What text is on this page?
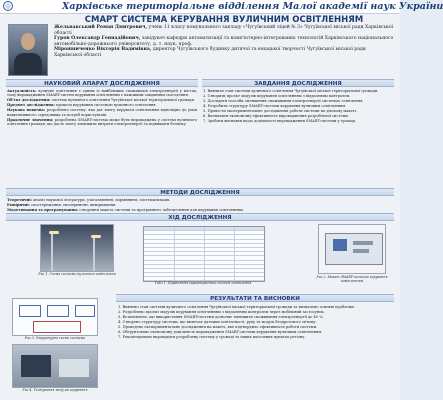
Харківське територіальне відділення Малої академії наук України
СМАРТ СИСТЕМА КЕРУВАННЯ ВУЛИЧНИМ ОСВІТЛЕННЯМ

Жельвакський Роман Дмитрович, учень 11 класу комунального закладу «Чугуївський ліцей № 3» Чугуївської міської ради Харківської області

Гуров Олександр Геннадійович, завідувач кафедри автоматизації та комп'ютерно-інтегрованих технологій Харківського національного автомобільно-дорожнього університету, д. т. наук, проф.

Мірошниченко Вікторія Вадимівна, директор Чугуївського будинку дитячої та юнацької творчості Чугуївської міської ради Харківської області

НАУКОВИЙ АПАРАТ ДОСЛІДЖЕННЯ

Актуальність: вуличне освітлення є одним із найбільших споживачів електроенергії у містах, тому впровадження SMART-систем керування освітленням є важливим завданням сьогодення.

Об'єкт дослідження: система вуличного освітлення Чугуївської міської територіальної громади.

Предмет дослідження: процеси керування системою вуличного освітлення.

Наукова новизна: розроблено систему, яка дає змогу керувати освітленням відповідно до умов навколишнього середовища та потреб користувачів.

Практичне значення: розроблена SMART-система може бути впроваджена у системі вуличного освітлення громади, що дасть змогу зменшити витрати електроенергії та підвищити безпеку.

ЗАВДАННЯ ДОСЛІДЖЕННЯ

1. Вивчити стан системи вуличного освітлення Чугуївської міської територіальної громади.

2. Створити проект модулів керування освітленням з віддаленим контролем.

3. Дослідити способи зменшення споживання електроенергії системою освітлення.

4. Розробити структуру SMART-системи керування вуличним освітленням.

5. Провести експериментальне дослідження роботи системи на діючому макеті.

6. Визначити економічну ефективність впровадження розробленої системи.

7. Зробити висновки щодо доцільності впровадження SMART-системи у громаді.

МЕТОДИ ДОСЛІДЖЕННЯ

Теоретичні: аналіз наукової літератури, узагальнення, порівняння, систематизація.

Емпіричні: спостереження, експеримент, вимірювання.

Моделювання та програмування: створення макета системи та програмного забезпечення для керування освітленням.

ХІД ДОСЛІДЖЕННЯ
Рис 1. Схема системи вуличного освітлення
Табл 1. Порівняння характеристик систем освітлення
Рис 2. Макет SMART-системи керування освітленням
РЕЗУЛЬТАТИ ТА ВИСНОВКИ
Рис 3. Структурна схема системи
Рис 4. Тестування модулів керування

1. Вивчено стан системи вуличного освітлення Чугуївської міської територіальної громади та визначено основні проблеми.

2. Розроблено проект модулів керування освітленням з віддаленим контролем через мобільний застосунок.

3. Встановлено, що використання SMART-системи дозволяє зменшити споживання електроенергії до 40 %.

4. Створено структуру системи, що включає датчики освітленості, руху та модулі бездротового зв'язку.

5. Проведено експериментальне дослідження на макеті, яке підтвердило ефективність роботи системи.

6. Обґрунтовано економічну доцільність впровадження SMART-системи керування вуличним освітленням.

7. Рекомендовано впровадити розроблену систему у громаді та інших населених пунктах регіону.
